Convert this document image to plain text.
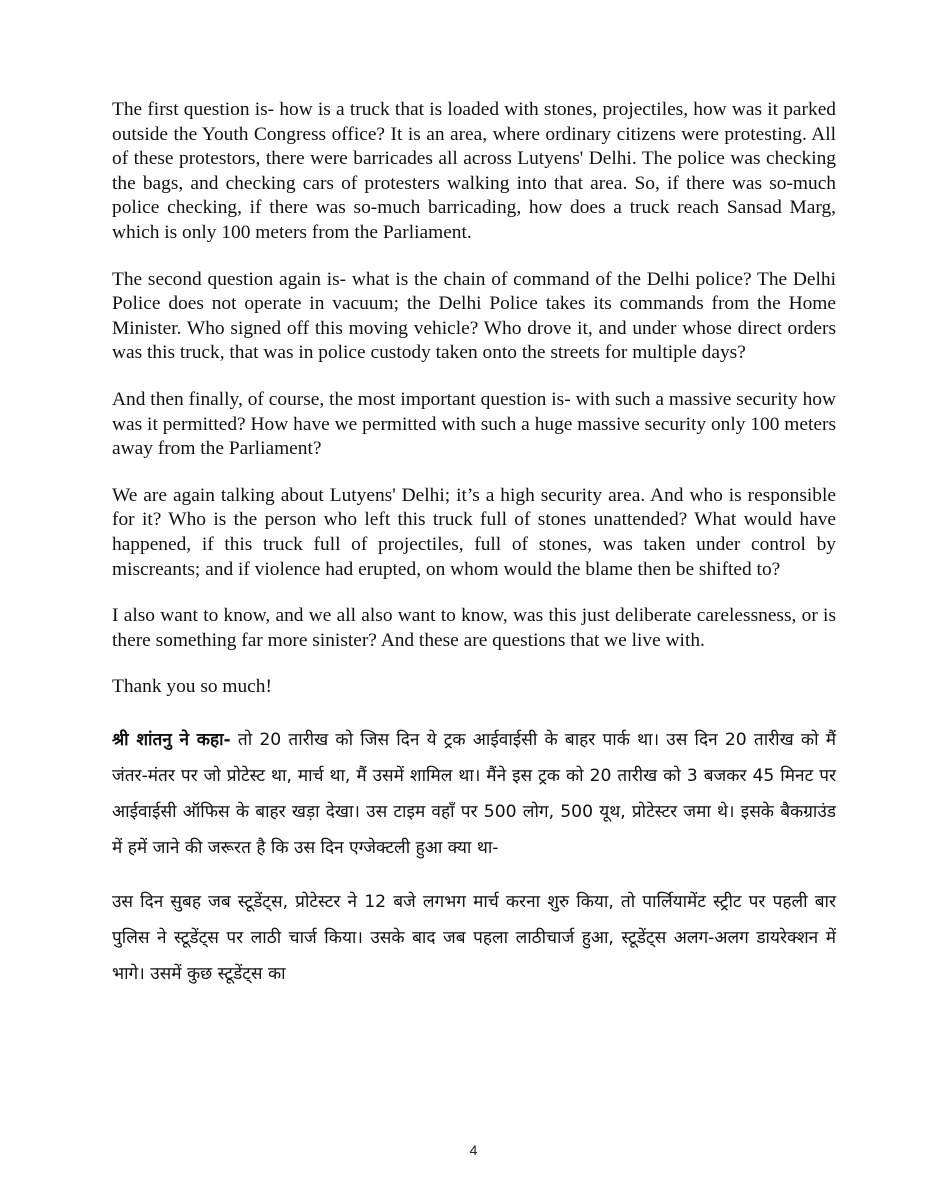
The first question is- how is a truck that is loaded with stones, projectiles, how was it parked outside the Youth Congress office? It is an area, where ordinary citizens were protesting. All of these protestors, there were barricades all across Lutyens' Delhi. The police was checking the bags, and checking cars of protesters walking into that area. So, if there was so-much police checking, if there was so-much barricading, how does a truck reach Sansad Marg, which is only 100 meters from the Parliament.

The second question again is- what is the chain of command of the Delhi police? The Delhi Police does not operate in vacuum; the Delhi Police takes its commands from the Home Minister. Who signed off this moving vehicle? Who drove it, and under whose direct orders was this truck, that was in police custody taken onto the streets for multiple days?

And then finally, of course, the most important question is- with such a massive security how was it permitted? How have we permitted with such a huge massive security only 100 meters away from the Parliament?

We are again talking about Lutyens' Delhi; it’s a high security area. And who is responsible for it? Who is the person who left this truck full of stones unattended? What would have happened, if this truck full of projectiles, full of stones, was taken under control by miscreants; and if violence had erupted, on whom would the blame then be shifted to?

I also want to know, and we all also want to know, was this just deliberate carelessness, or is there something far more sinister? And these are questions that we live with.

Thank you so much!

श्री शांतनु ने कहा- तो 20 तारीख को जिस दिन ये ट्रक आईवाईसी के बाहर पार्क था। उस दिन 20 तारीख को मैं जंतर-मंतर पर जो प्रोटेस्ट था, मार्च था, मैं उसमें शामिल था। मैंने इस ट्रक को 20 तारीख को 3 बजकर 45 मिनट पर आईवाईसी ऑफिस के बाहर खड़ा देखा। उस टाइम वहाँ पर 500 लोग, 500 यूथ, प्रोटेस्टर जमा थे। इसके बैकग्राउंड में हमें जाने की जरूरत है कि उस दिन एग्जेक्टली हुआ क्या था-

उस दिन सुबह जब स्टूडेंट्स, प्रोटेस्टर ने 12 बजे लगभग मार्च करना शुरु किया, तो पार्लियामेंट स्ट्रीट पर पहली बार पुलिस ने स्टूडेंट्स पर लाठी चार्ज किया। उसके बाद जब पहला लाठीचार्ज हुआ, स्टूडेंट्स अलग-अलग डायरेक्शन में भागे। उसमें कुछ स्टूडेंट्स का

4
